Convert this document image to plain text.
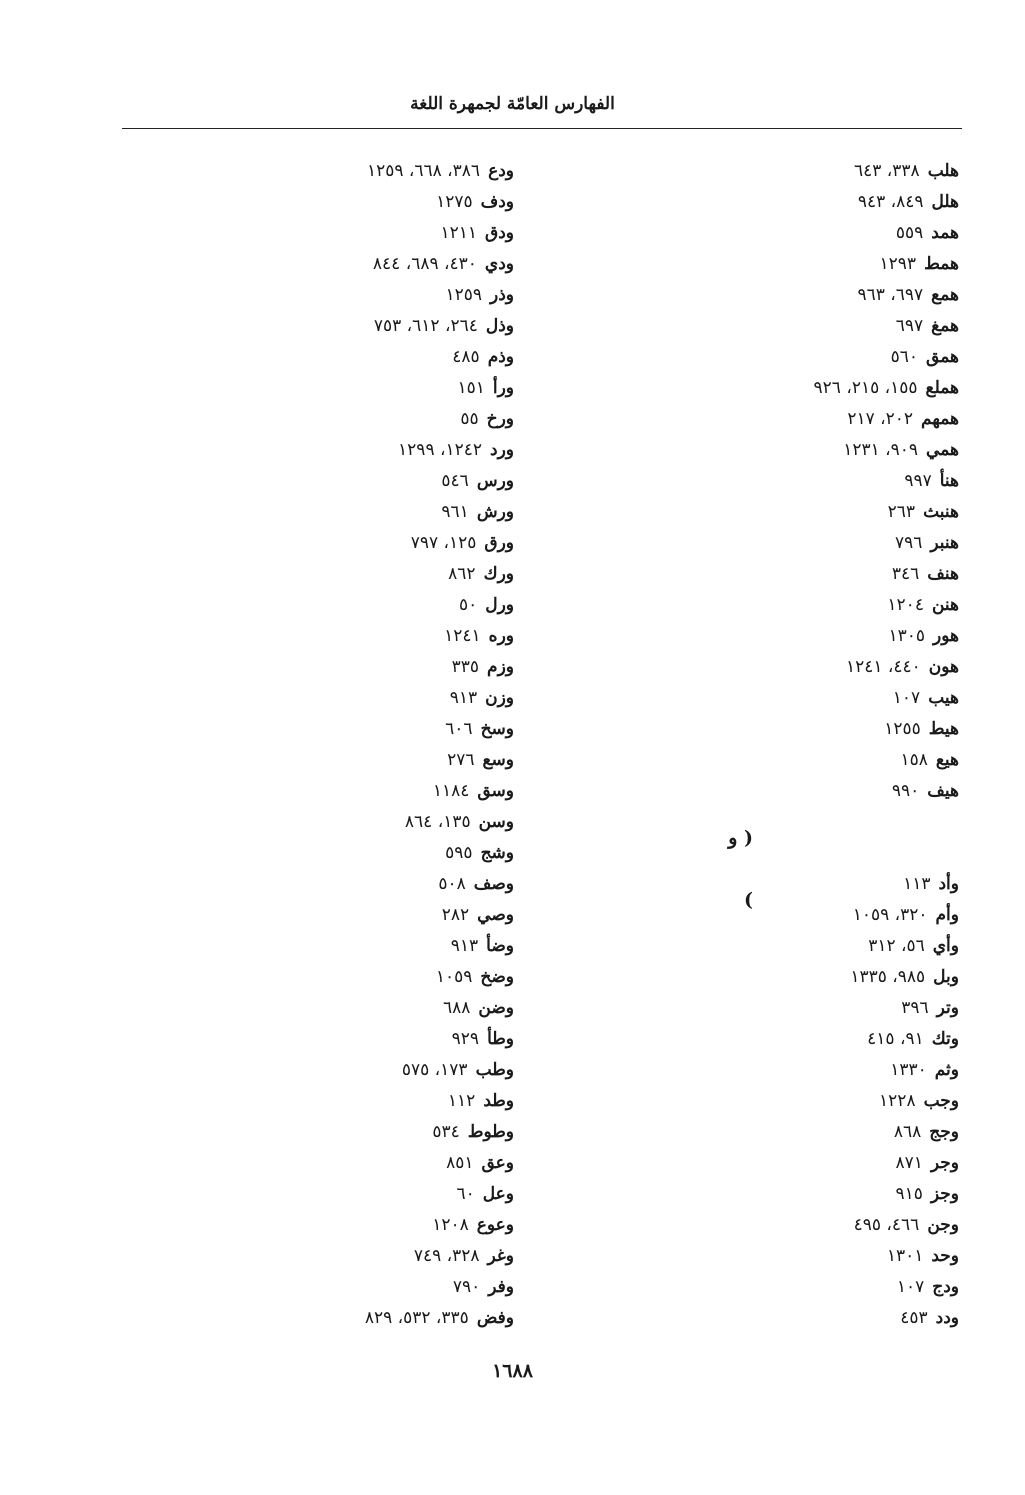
الفهارس العامّة لجمهرة اللغة
هلب٣٣٨، ٦٤٣
هلل٨٤٩، ٩٤٣
همد٥٥٩
همط١٢٩٣
همع٦٩٧، ٩٦٣
همغ٦٩٧
همق٥٦٠
هملع١٥٥، ٢١٥، ٩٢٦
همهم٢٠٢، ٢١٧
همي٩٠٩، ١٢٣١
هنأ٩٩٧
هنبث٢٦٣
هنبر٧٩٦
هنف٣٤٦
هنن١٢٠٤
هور١٣٠٥
هون٤٤٠، ١٢٤١
هيب١٠٧
هيط١٢٥٥
هيع١٥٨
هيف٩٩٠
( و )
وأد١١٣
وأم٣٢٠، ١٠٥٩
وأي٥٦، ٣١٢
وبل٩٨٥، ١٣٣٥
وتر٣٩٦
وتك٩١، ٤١٥
وثم١٣٣٠
وجب١٢٢٨
وجج٨٦٨
وجر٨٧١
وجز٩١٥
وجن٤٦٦، ٤٩٥
وحد١٣٠١
ودج١٠٧
ودد٤٥٣
ودع٣٨٦، ٦٦٨، ١٢٥٩
ودف١٢٧٥
ودق١٢١١
ودي٤٣٠، ٦٨٩، ٨٤٤
وذر١٢٥٩
وذل٢٦٤، ٦١٢، ٧٥٣
وذم٤٨٥
ورأ١٥١
ورخ٥٥
ورد١٢٤٢، ١٢٩٩
ورس٥٤٦
ورش٩٦١
ورق١٢٥، ٧٩٧
ورك٨٦٢
ورل٥٠
وره١٢٤١
وزم٣٣٥
وزن٩١٣
وسخ٦٠٦
وسع٢٧٦
وسق١١٨٤
وسن١٣٥، ٨٦٤
وشج٥٩٥
وصف٥٠٨
وصي٢٨٢
وضأ٩١٣
وضخ١٠٥٩
وضن٦٨٨
وطأ٩٢٩
وطب١٧٣، ٥٧٥
وطد١١٢
وطوط٥٣٤
وعق٨٥١
وعل٦٠
وعوع١٢٠٨
وغر٣٢٨، ٧٤٩
وفر٧٩٠
وفض٣٣٥، ٥٣٢، ٨٢٩
١٦٨٨
